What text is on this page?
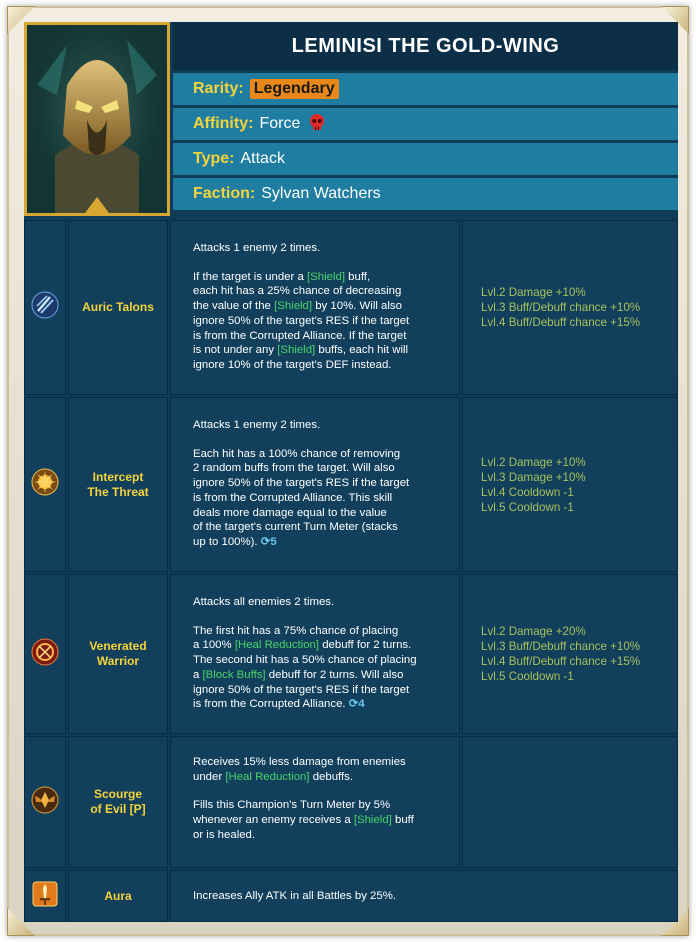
LEMINISI THE GOLD-WING
Rarity: Legendary
Affinity: Force
Type: Attack
Faction: Sylvan Watchers
Auric Talons

Attacks 1 enemy 2 times.

If the target is under a [Shield] buff,
each hit has a 25% chance of decreasing
the value of the [Shield] by 10%. Will also
ignore 50% of the target's RES if the target
is from the Corrupted Alliance. If the target
is not under any [Shield] buffs, each hit will
ignore 10% of the target's DEF instead.

Lvl.2 Damage +10%
Lvl.3 Buff/Debuff chance +10%
Lvl.4 Buff/Debuff chance +15%
Intercept
The Threat

Attacks 1 enemy 2 times.

Each hit has a 100% chance of removing
2 random buffs from the target. Will also
ignore 50% of the target's RES if the target
is from the Corrupted Alliance. This skill
deals more damage equal to the value
of the target's current Turn Meter (stacks
up to 100%). ⟳5

Lvl.2 Damage +10%
Lvl.3 Damage +10%
Lvl.4 Cooldown -1
Lvl.5 Cooldown -1
Venerated
Warrior

Attacks all enemies 2 times.

The first hit has a 75% chance of placing
a 100% [Heal Reduction] debuff for 2 turns.
The second hit has a 50% chance of placing
a [Block Buffs] debuff for 2 turns. Will also
ignore 50% of the target's RES if the target
is from the Corrupted Alliance. ⟳4

Lvl.2 Damage +20%
Lvl.3 Buff/Debuff chance +10%
Lvl.4 Buff/Debuff chance +15%
Lvl.5 Cooldown -1
Scourge
of Evil [P]

Receives 15% less damage from enemies
under [Heal Reduction] debuffs.

Fills this Champion's Turn Meter by 5%
whenever an enemy receives a [Shield] buff
or is healed.

Aura	Increases Ally ATK in all Battles by 25%.
